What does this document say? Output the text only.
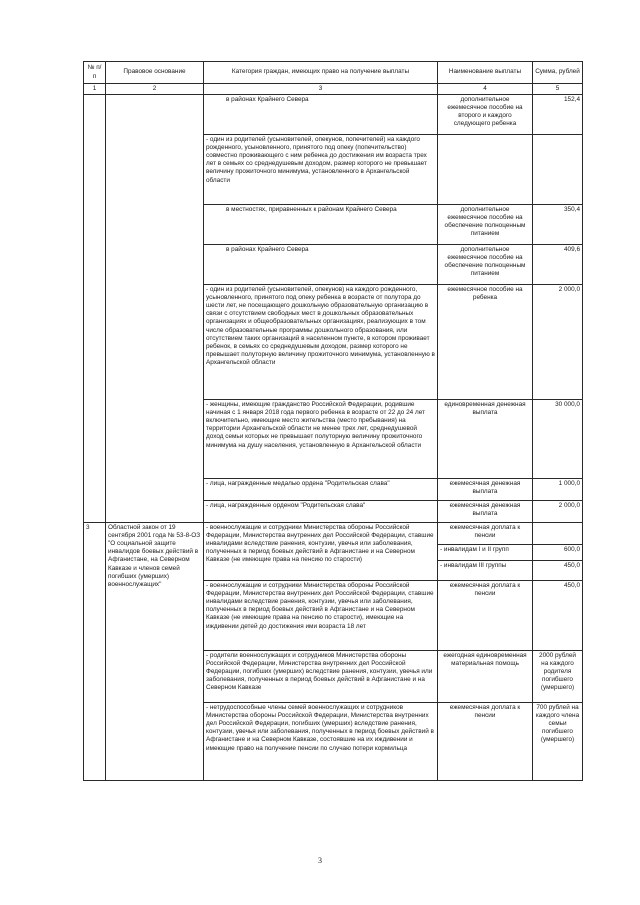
№ п/п	Правовое основание	Категория граждан, имеющих право на получение выплаты	Наименование выплаты	Сумма, рублей
1	2	3	4	5
		в районах Крайнего Севера	дополнительное ежемесячное пособие на второго и каждого следующего ребенка	152,4
		- один из родителей (усыновителей, опекунов, попечителей) на каждого рожденного, усыновленного, принятого под опеку (попечительство) совместно проживающего с ним ребенка до достижения им возраста трех лет в семьях со среднедушевым доходом, размер которого не превышает величину прожиточного минимума, установленного в Архангельской области		
		в местностях, приравненных к районам Крайнего Севера	дополнительное ежемесячное пособие на обеспечение полноценным питанием	350,4
		в районах Крайнего Севера	дополнительное ежемесячное пособие на обеспечение полноценным питанием	409,6
		- один из родителей (усыновителей, опекунов) на каждого рожденного, усыновленного, принятого под опеку ребенка в возрасте от полутора до шести лет, не посещающего дошкольную образовательную организацию в связи с отсутствием свободных мест в дошкольных образовательных организациях и общеобразовательных организациях, реализующих в том числе образовательные программы дошкольного образования, или отсутствием таких организаций в населенном пункте, в котором проживает ребенок, в семьях со среднедушевым доходом, размер которого не превышает полуторную величину прожиточного минимума, установленную в Архангельской области	ежемесячное пособие на ребенка	2 000,0
		- женщины, имеющие гражданство Российской Федерации, родившие начиная с 1 января 2018 года первого ребенка в возрасте от 22 до 24 лет включительно, имеющие место жительства (место пребывания) на территории Архангельской области не менее трех лет, среднедушевой доход семьи которых не превышает полуторную величину прожиточного минимума на душу населения, установленную в Архангельской области	единовременная денежная выплата	30 000,0
		- лица, награжденные медалью ордена "Родительская слава"	ежемесячная денежная выплата	1 000,0
		- лица, награжденные орденом "Родительская слава"	ежемесячная денежная выплата	2 000,0
3	Областной закон от 19 сентября 2001 года № 53-8-ОЗ "О социальной защите инвалидов боевых действий в Афганистане, на Северном Кавказе и членов семей погибших (умерших) военнослужащих"	- военнослужащие и сотрудники Министерства обороны Российской Федерации, Министерства внутренних дел Российской Федерации, ставшие инвалидами вследствие ранения, контузии, увечья или заболевания, полученных в период боевых действий в Афганистане и на Северном Кавказе (не имеющие права на пенсию по старости)	ежемесячная доплата к пенсии	
			- инвалидам I и II групп	600,0
			- инвалидам III группы	450,0
		- военнослужащие и сотрудники Министерства обороны Российской Федерации, Министерства внутренних дел Российской Федерации, ставшие инвалидами вследствие ранения, контузии, увечья или заболевания, полученных в период боевых действий в Афганистане и на Северном Кавказе (не имеющие права на пенсию по старости), имеющие на иждивении детей до достижения ими возраста 18 лет	ежемесячная доплата к пенсии	450,0
		- родители военнослужащих и сотрудников Министерства обороны Российской Федерации, Министерства внутренних дел Российской Федерации, погибших (умерших) вследствие ранения, контузии, увечья или заболевания, полученных в период боевых действий в Афганистане и на Северном Кавказе	ежегодная единовременная материальная помощь	2000 рублей на каждого родителя погибшего (умершего)
		- нетрудоспособные члены семей военнослужащих и сотрудников Министерства обороны Российской Федерации, Министерства внутренних дел Российской Федерации, погибших (умерших) вследствие ранения, контузии, увечья или заболевания, полученных в период боевых действий в Афганистане и на Северном Кавказе, состоявшие на их иждивении и имеющие право на получение пенсии по случаю потери кормильца	ежемесячная доплата к пенсии	700 рублей на каждого члена семьи погибшего (умершего)
3
